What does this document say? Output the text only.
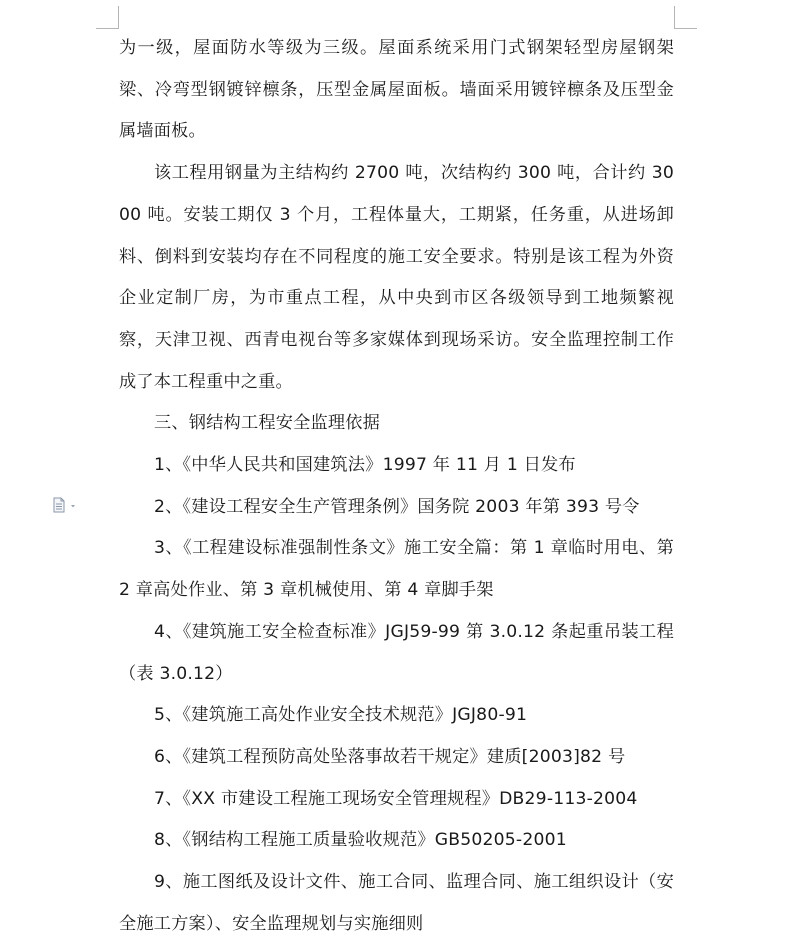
为一级，屋面防水等级为三级。屋面系统采用门式钢架轻型房屋钢架梁、冷弯型钢镀锌檩条，压型金属屋面板。墙面采用镀锌檩条及压型金属墙面板。

该工程用钢量为主结构约 2700 吨，次结构约 300 吨，合计约 3000 吨。安装工期仅 3 个月，工程体量大，工期紧，任务重，从进场卸料、倒料到安装均存在不同程度的施工安全要求。特别是该工程为外资企业定制厂房，为市重点工程，从中央到市区各级领导到工地频繁视察，天津卫视、西青电视台等多家媒体到现场采访。安全监理控制工作成了本工程重中之重。

三、钢结构工程安全监理依据

1、《中华人民共和国建筑法》1997 年 11 月 1 日发布

2、《建设工程安全生产管理条例》国务院 2003 年第 393 号令

3、《工程建设标准强制性条文》施工安全篇：第 1 章临时用电、第 2 章高处作业、第 3 章机械使用、第 4 章脚手架

4、《建筑施工安全检查标准》JGJ59-99 第 3.0.12 条起重吊装工程（表 3.0.12）

5、《建筑施工高处作业安全技术规范》JGJ80-91

6、《建筑工程预防高处坠落事故若干规定》建质[2003]82 号

7、《XX 市建设工程施工现场安全管理规程》DB29-113-2004

8、《钢结构工程施工质量验收规范》GB50205-2001

9、施工图纸及设计文件、施工合同、监理合同、施工组织设计（安全施工方案）、安全监理规划与实施细则
